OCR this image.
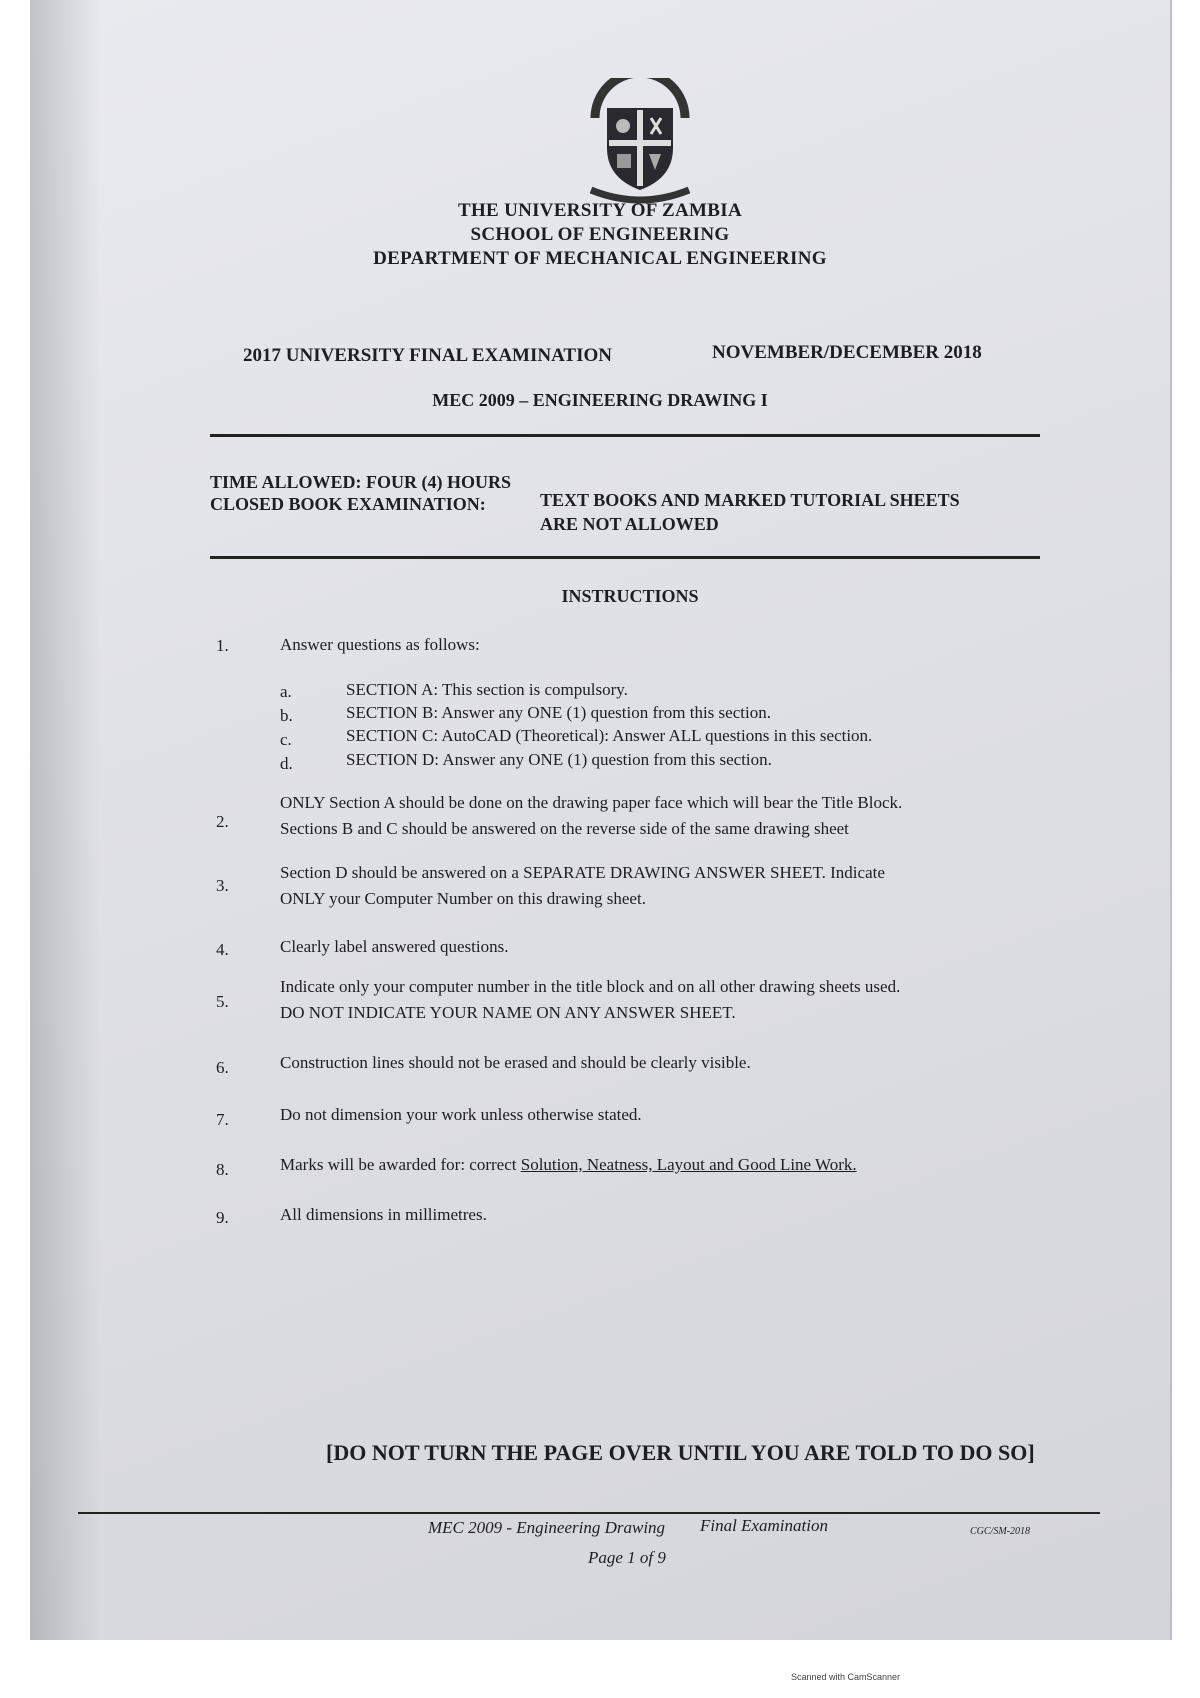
THE UNIVERSITY OF ZAMBIA
SCHOOL OF ENGINEERING
DEPARTMENT OF MECHANICAL ENGINEERING
2017 UNIVERSITY FINAL EXAMINATION	NOVEMBER/DECEMBER 2018
MEC 2009 – ENGINEERING DRAWING I
TIME ALLOWED: FOUR (4) HOURS
CLOSED BOOK EXAMINATION:	TEXT BOOKS AND MARKED TUTORIAL SHEETS
ARE NOT ALLOWED
INSTRUCTIONS
1.	Answer questions as follows:
a.	SECTION A: This section is compulsory.
b.	SECTION B: Answer any ONE (1) question from this section.
c.	SECTION C: AutoCAD (Theoretical): Answer ALL questions in this section.
d.	SECTION D: Answer any ONE (1) question from this section.
2.
ONLY Section A should be done on the drawing paper face which will bear the Title Block.
Sections B and C should be answered on the reverse side of the same drawing sheet
3.
Section D should be answered on a SEPARATE DRAWING ANSWER SHEET. Indicate
ONLY your Computer Number on this drawing sheet.
4.	Clearly label answered questions.
5.
Indicate only your computer number in the title block and on all other drawing sheets used.
DO NOT INDICATE YOUR NAME ON ANY ANSWER SHEET.
6.	Construction lines should not be erased and should be clearly visible.
7.	Do not dimension your work unless otherwise stated.
8.	Marks will be awarded for: correct Solution, Neatness, Layout and Good Line Work.
9.	All dimensions in millimetres.
[DO NOT TURN THE PAGE OVER UNTIL YOU ARE TOLD TO DO SO]
MEC 2009 - Engineering Drawing Final Examination	CGC/SM-2018
Page 1 of 9
Scanned with CamScanner
